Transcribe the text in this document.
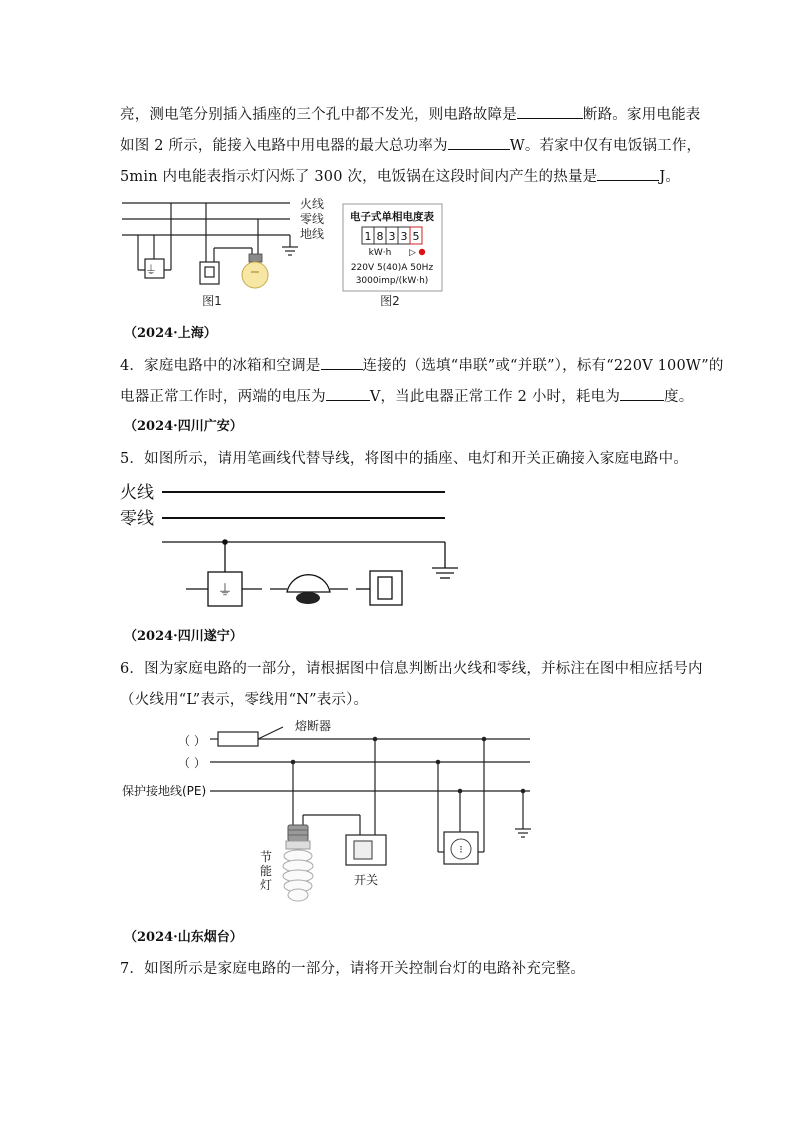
亮，测电笔分别插入插座的三个孔中都不发光，则电路故障是	断路。家用电能表
如图 2 所示，能接入电路中用电器的最大总功率为	W。若家中仅有电饭锅工作，
5min 内电能表指示灯闪烁了 300 次，电饭锅在这段时间内产生的热量是	J。
⏚
火线
零线
地线
图1
电子式单相电度表
1 8 3 3 5
kW·h ▷
220V 5(40)A 50Hz
3000imp/(kW·h)
图2
（2024·上海）
4．家庭电路中的冰箱和空调是	连接的（选填“串联”或“并联”），标有“220V 100W”的
电器正常工作时，两端的电压为	V，当此电器正常工作 2 小时，耗电为	度。
（2024·四川广安）
5．如图所示，请用笔画线代替导线，将图中的插座、电灯和开关正确接入家庭电路中。
火线
零线
⏚
（2024·四川遂宁）
6．图为家庭电路的一部分，请根据图中信息判断出火线和零线，并标注在图中相应括号内
（火线用“L”表示，零线用“N”表示）。
（ ）
（ ）
保护接地线(PE)
熔断器
⁝
节
能
灯	开关
（2024·山东烟台）
7．如图所示是家庭电路的一部分，请将开关控制台灯的电路补充完整。
